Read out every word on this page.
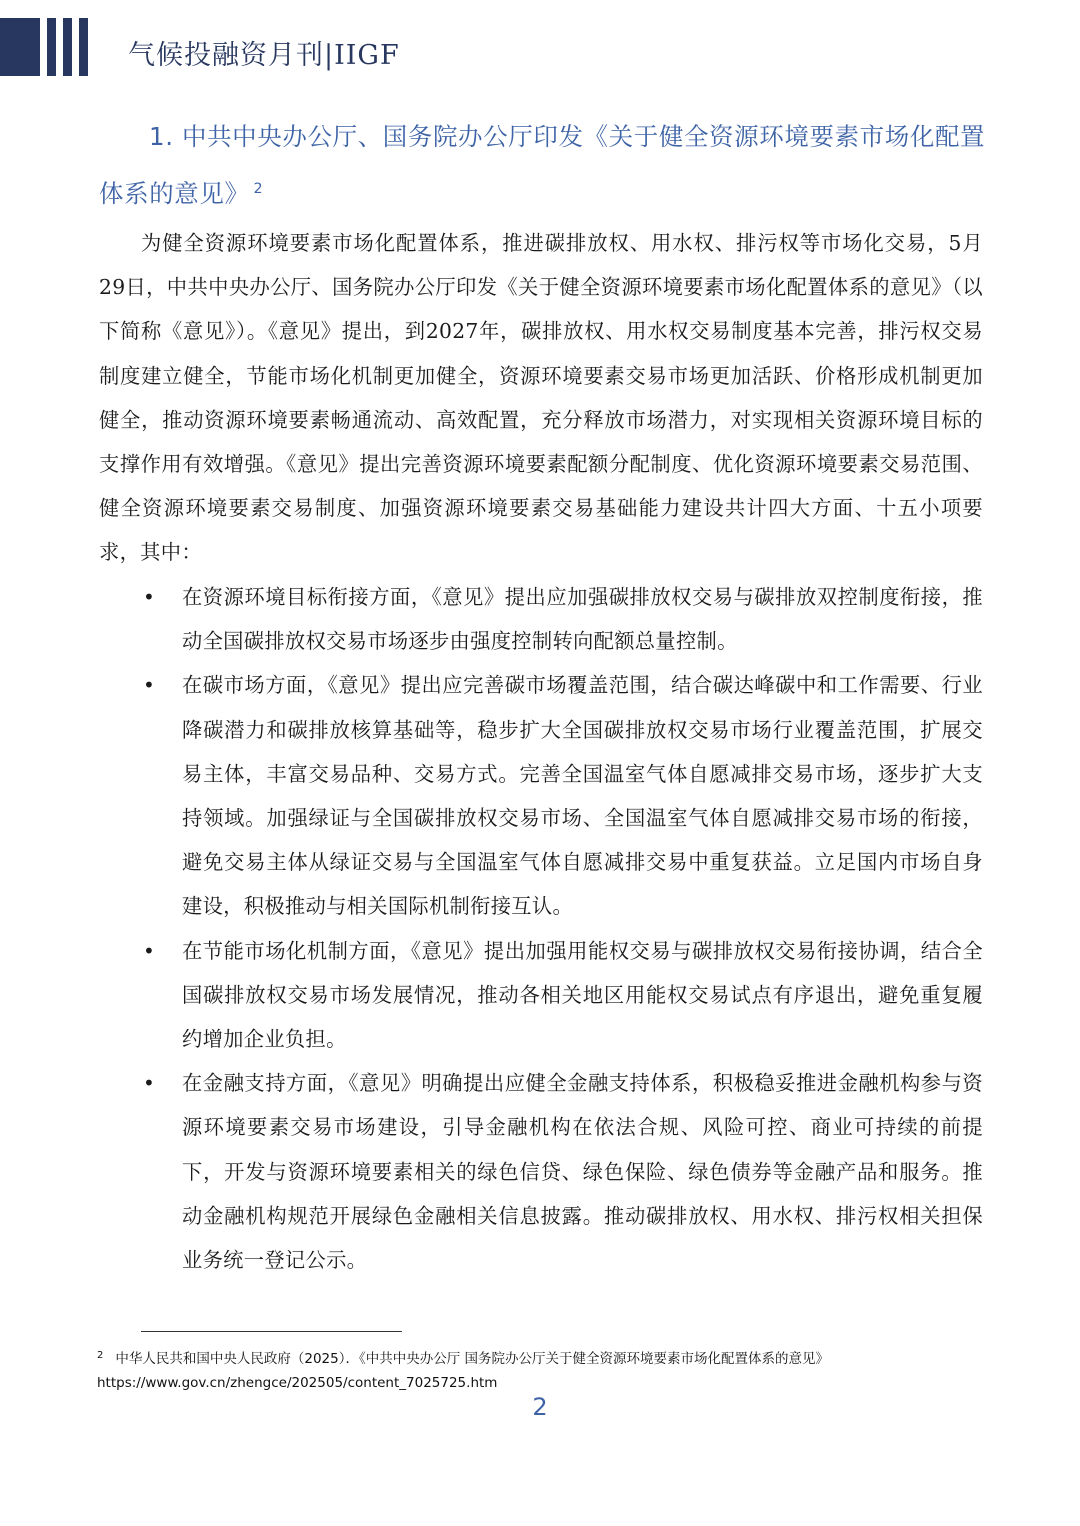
气候投融资月刊|IIGF
1. 中共中央办公厅、国务院办公厅印发《关于健全资源环境要素市场化配置体系的意见》 $^2$

为健全资源环境要素市场化配置体系，推进碳排放权、用水权、排污权等市场化交易，5月29日，中共中央办公厅、国务院办公厅印发《关于健全资源环境要素市场化配置体系的意见》（以下简称《意见》）。《意见》提出，到2027年，碳排放权、用水权交易制度基本完善，排污权交易制度建立健全，节能市场化机制更加健全，资源环境要素交易市场更加活跃、价格形成机制更加健全，推动资源环境要素畅通流动、高效配置，充分释放市场潜力，对实现相关资源环境目标的支撑作用有效增强。《意见》提出完善资源环境要素配额分配制度、优化资源环境要素交易范围、健全资源环境要素交易制度、加强资源环境要素交易基础能力建设共计四大方面、十五小项要求，其中：

• 在资源环境目标衔接方面，《意见》提出应加强碳排放权交易与碳排放双控制度衔接，推动全国碳排放权交易市场逐步由强度控制转向配额总量控制。
• 在碳市场方面，《意见》提出应完善碳市场覆盖范围，结合碳达峰碳中和工作需要、行业降碳潜力和碳排放核算基础等，稳步扩大全国碳排放权交易市场行业覆盖范围，扩展交易主体，丰富交易品种、交易方式。完善全国温室气体自愿减排交易市场，逐步扩大支持领域。加强绿证与全国碳排放权交易市场、全国温室气体自愿减排交易市场的衔接，避免交易主体从绿证交易与全国温室气体自愿减排交易中重复获益。立足国内市场自身建设，积极推动与相关国际机制衔接互认。
• 在节能市场化机制方面，《意见》提出加强用能权交易与碳排放权交易衔接协调，结合全国碳排放权交易市场发展情况，推动各相关地区用能权交易试点有序退出，避免重复履约增加企业负担。
• 在金融支持方面，《意见》明确提出应健全金融支持体系，积极稳妥推进金融机构参与资源环境要素交易市场建设，引导金融机构在依法合规、风险可控、商业可持续的前提下，开发与资源环境要素相关的绿色信贷、绿色保险、绿色债券等金融产品和服务。推动金融机构规范开展绿色金融相关信息披露。推动碳排放权、用水权、排污权相关担保业务统一登记公示。
$^2$ 中华人民共和国中央人民政府（2025）．《中共中央办公厅 国务院办公厅关于健全资源环境要素市场化配置体系的意见》
https://www.gov.cn/zhengce/202505/content_7025725.htm
2
